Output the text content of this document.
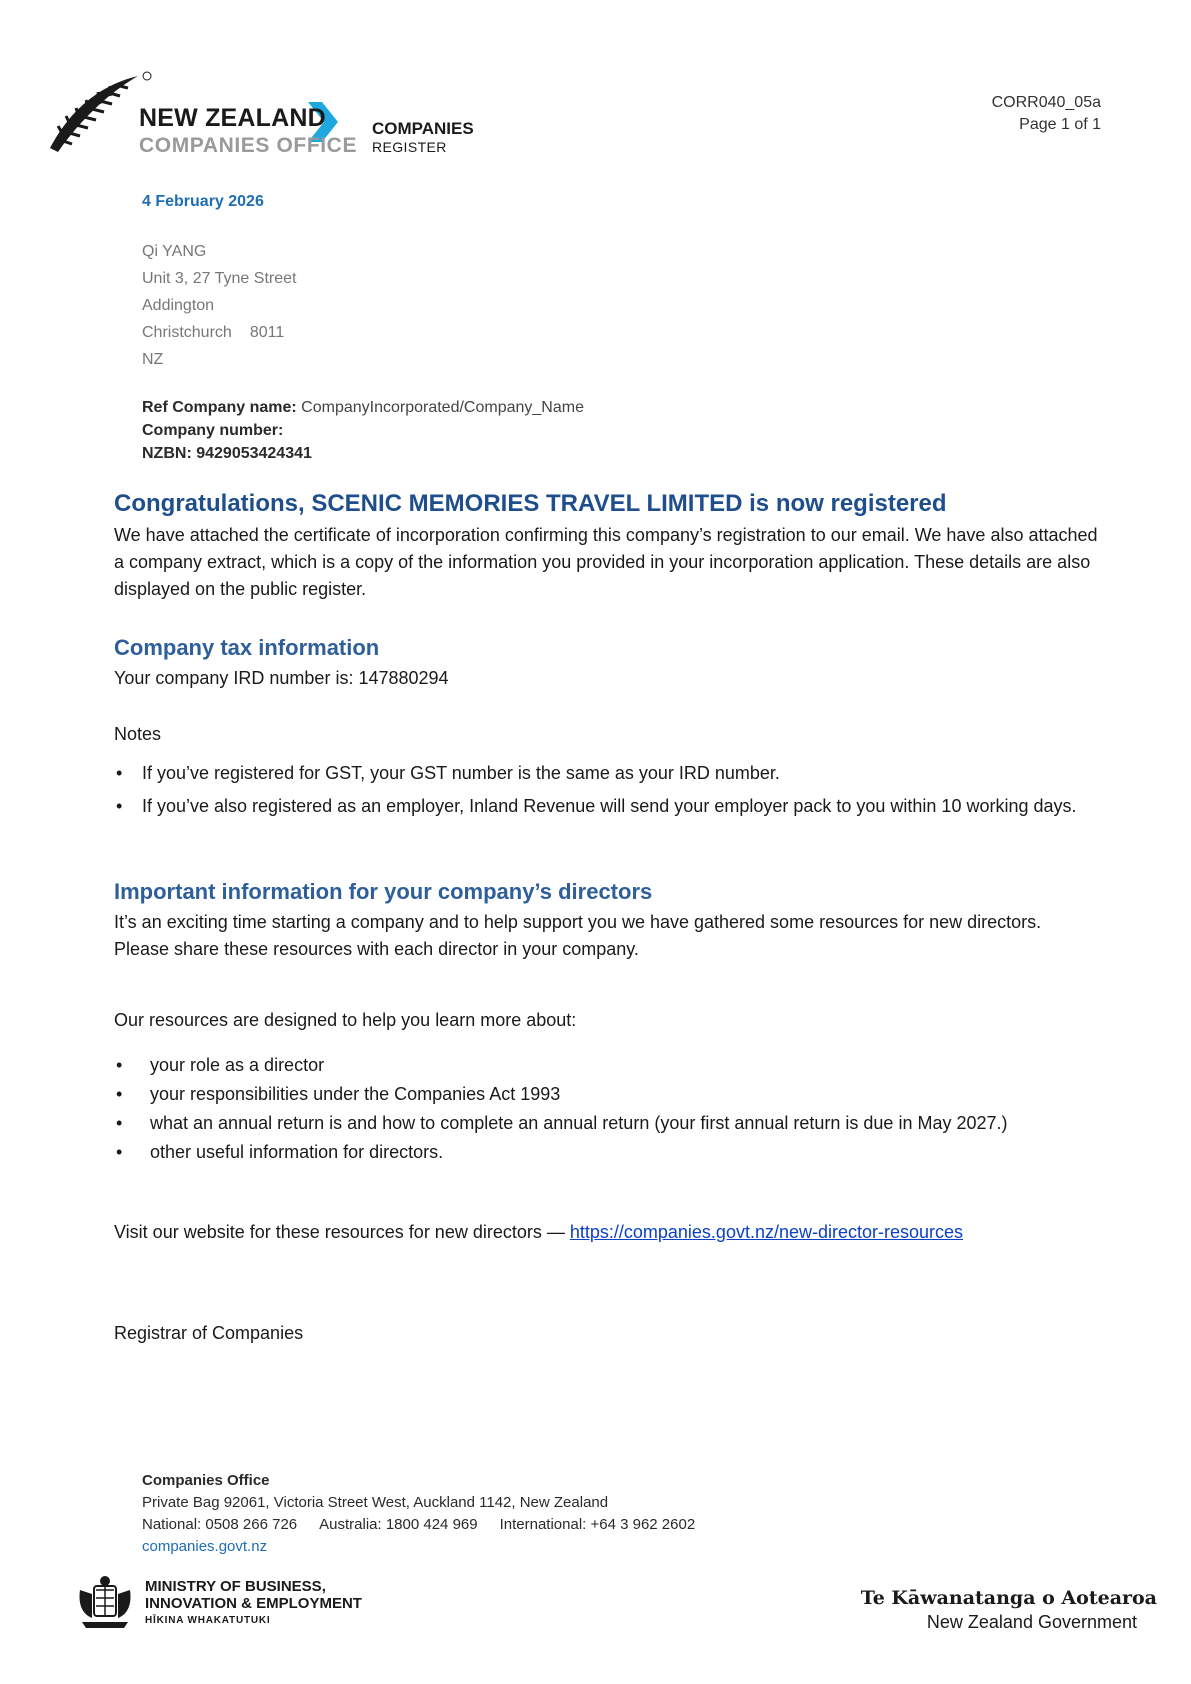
NEW ZEALAND
COMPANIES OFFICE
COMPANIES
REGISTER
CORR040_05a
Page 1 of 1
4 February 2026
Qi YANG
Unit 3, 27 Tyne Street
Addington
Christchurch 8011
NZ
Ref Company name: CompanyIncorporated/Company_Name
Company number:
NZBN: 9429053424341
Congratulations, SCENIC MEMORIES TRAVEL LIMITED is now registered
We have attached the certificate of incorporation confirming this company’s registration to our email. We have also attached a company extract, which is a copy of the information you provided in your incorporation application. These details are also displayed on the public register.
Company tax information
Your company IRD number is: 147880294
Notes
• If you’ve registered for GST, your GST number is the same as your IRD number.
• If you’ve also registered as an employer, Inland Revenue will send your employer pack to you within 10 working days.
Important information for your company’s directors
It’s an exciting time starting a company and to help support you we have gathered some resources for new directors. Please share these resources with each director in your company.
Our resources are designed to help you learn more about:
• your role as a director
• your responsibilities under the Companies Act 1993
• what an annual return is and how to complete an annual return (your first annual return is due in May 2027.)
• other useful information for directors.
Visit our website for these resources for new directors — https://companies.govt.nz/new-director-resources
Registrar of Companies
Companies Office
Private Bag 92061, Victoria Street West, Auckland 1142, New Zealand
National: 0508 266 726 Australia: 1800 424 969 International: +64 3 962 2602
companies.govt.nz
MINISTRY OF BUSINESS,
INNOVATION & EMPLOYMENT
HĪKINA WHAKATUTUKI
Te Kāwanatanga o Aotearoa
New Zealand Government
